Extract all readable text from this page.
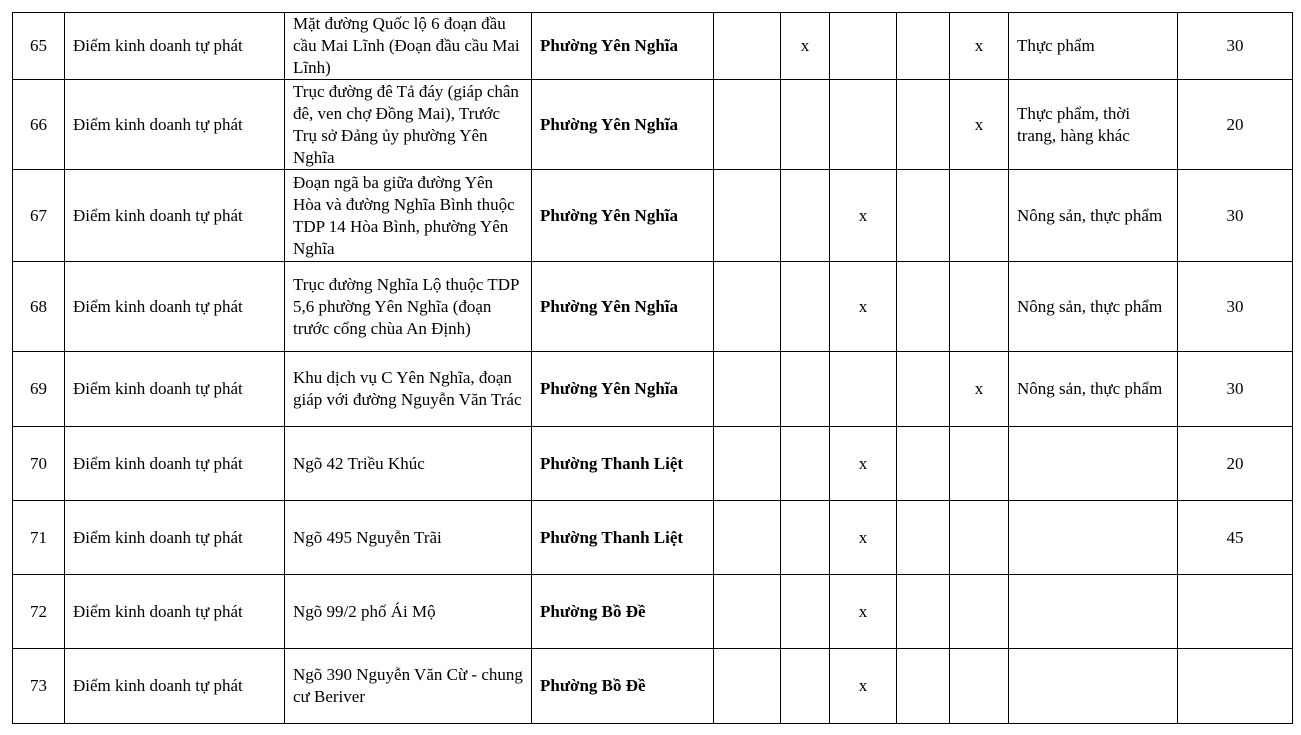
65	Điểm kinh doanh tự phát	Mặt đường Quốc lộ 6 đoạn đầu cầu Mai Lĩnh (Đoạn đầu cầu Mai Lĩnh)	Phường Yên Nghĩa		x			x	Thực phẩm	30
66	Điểm kinh doanh tự phát	Trục đường đê Tả đáy (giáp chân đê, ven chợ Đồng Mai), Trước Trụ sở Đảng ủy phường Yên Nghĩa	Phường Yên Nghĩa					x	Thực phẩm, thời trang, hàng khác	20
67	Điểm kinh doanh tự phát	Đoạn ngã ba giữa đường Yên Hòa và đường Nghĩa Bình thuộc TDP 14 Hòa Bình, phường Yên Nghĩa	Phường Yên Nghĩa			x			Nông sản, thực phẩm	30
68	Điểm kinh doanh tự phát	Trục đường Nghĩa Lộ thuộc TDP 5,6 phường Yên Nghĩa (đoạn trước cổng chùa An Định)	Phường Yên Nghĩa			x			Nông sản, thực phẩm	30
69	Điểm kinh doanh tự phát	Khu dịch vụ C Yên Nghĩa, đoạn giáp với đường Nguyễn Văn Trác	Phường Yên Nghĩa					x	Nông sản, thực phẩm	30
70	Điểm kinh doanh tự phát	Ngõ 42 Triều Khúc	Phường Thanh Liệt			x				20
71	Điểm kinh doanh tự phát	Ngõ 495 Nguyễn Trãi	Phường Thanh Liệt			x				45
72	Điểm kinh doanh tự phát	Ngõ 99/2 phố Ái Mộ	Phường Bồ Đề			x				
73	Điểm kinh doanh tự phát	Ngõ 390 Nguyễn Văn Cừ - chung cư Beriver	Phường Bồ Đề			x				
